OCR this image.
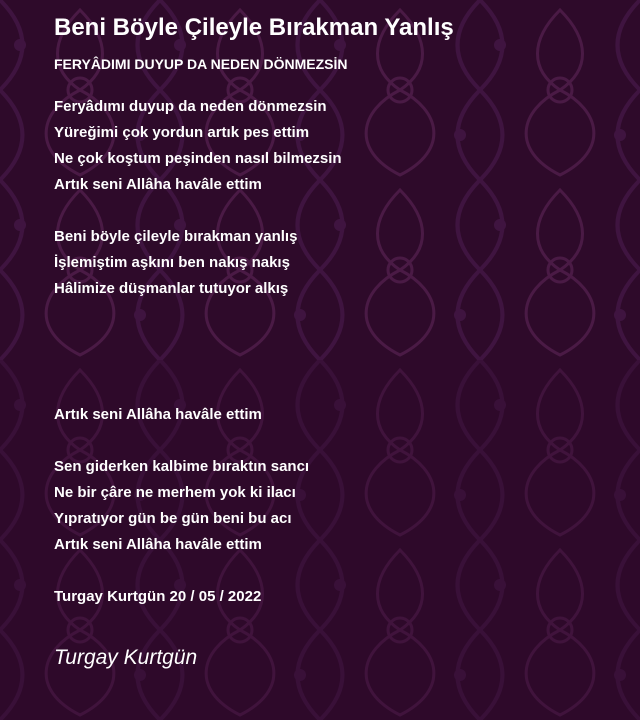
Beni Böyle Çileyle Bırakman Yanlış
FERYÂDIMI DUYUP DA NEDEN DÖNMEZSİN
Feryâdımı duyup da neden dönmezsin
Yüreğimi çok yordun artık pes ettim
Ne çok koştum peşinden nasıl bilmezsin
Artık seni Allâha havâle ettim
Beni böyle çileyle bırakman yanlış
İşlemiştim aşkını ben nakış nakış
Hâlimize düşmanlar tutuyor alkış
Artık seni Allâha havâle ettim
Sen giderken kalbime bıraktın sancı
Ne bir çâre ne merhem yok ki ilacı
Yıpratıyor gün be gün beni bu acı
Artık seni Allâha havâle ettim
Turgay Kurtgün 20 / 05 / 2022
Turgay Kurtgün
